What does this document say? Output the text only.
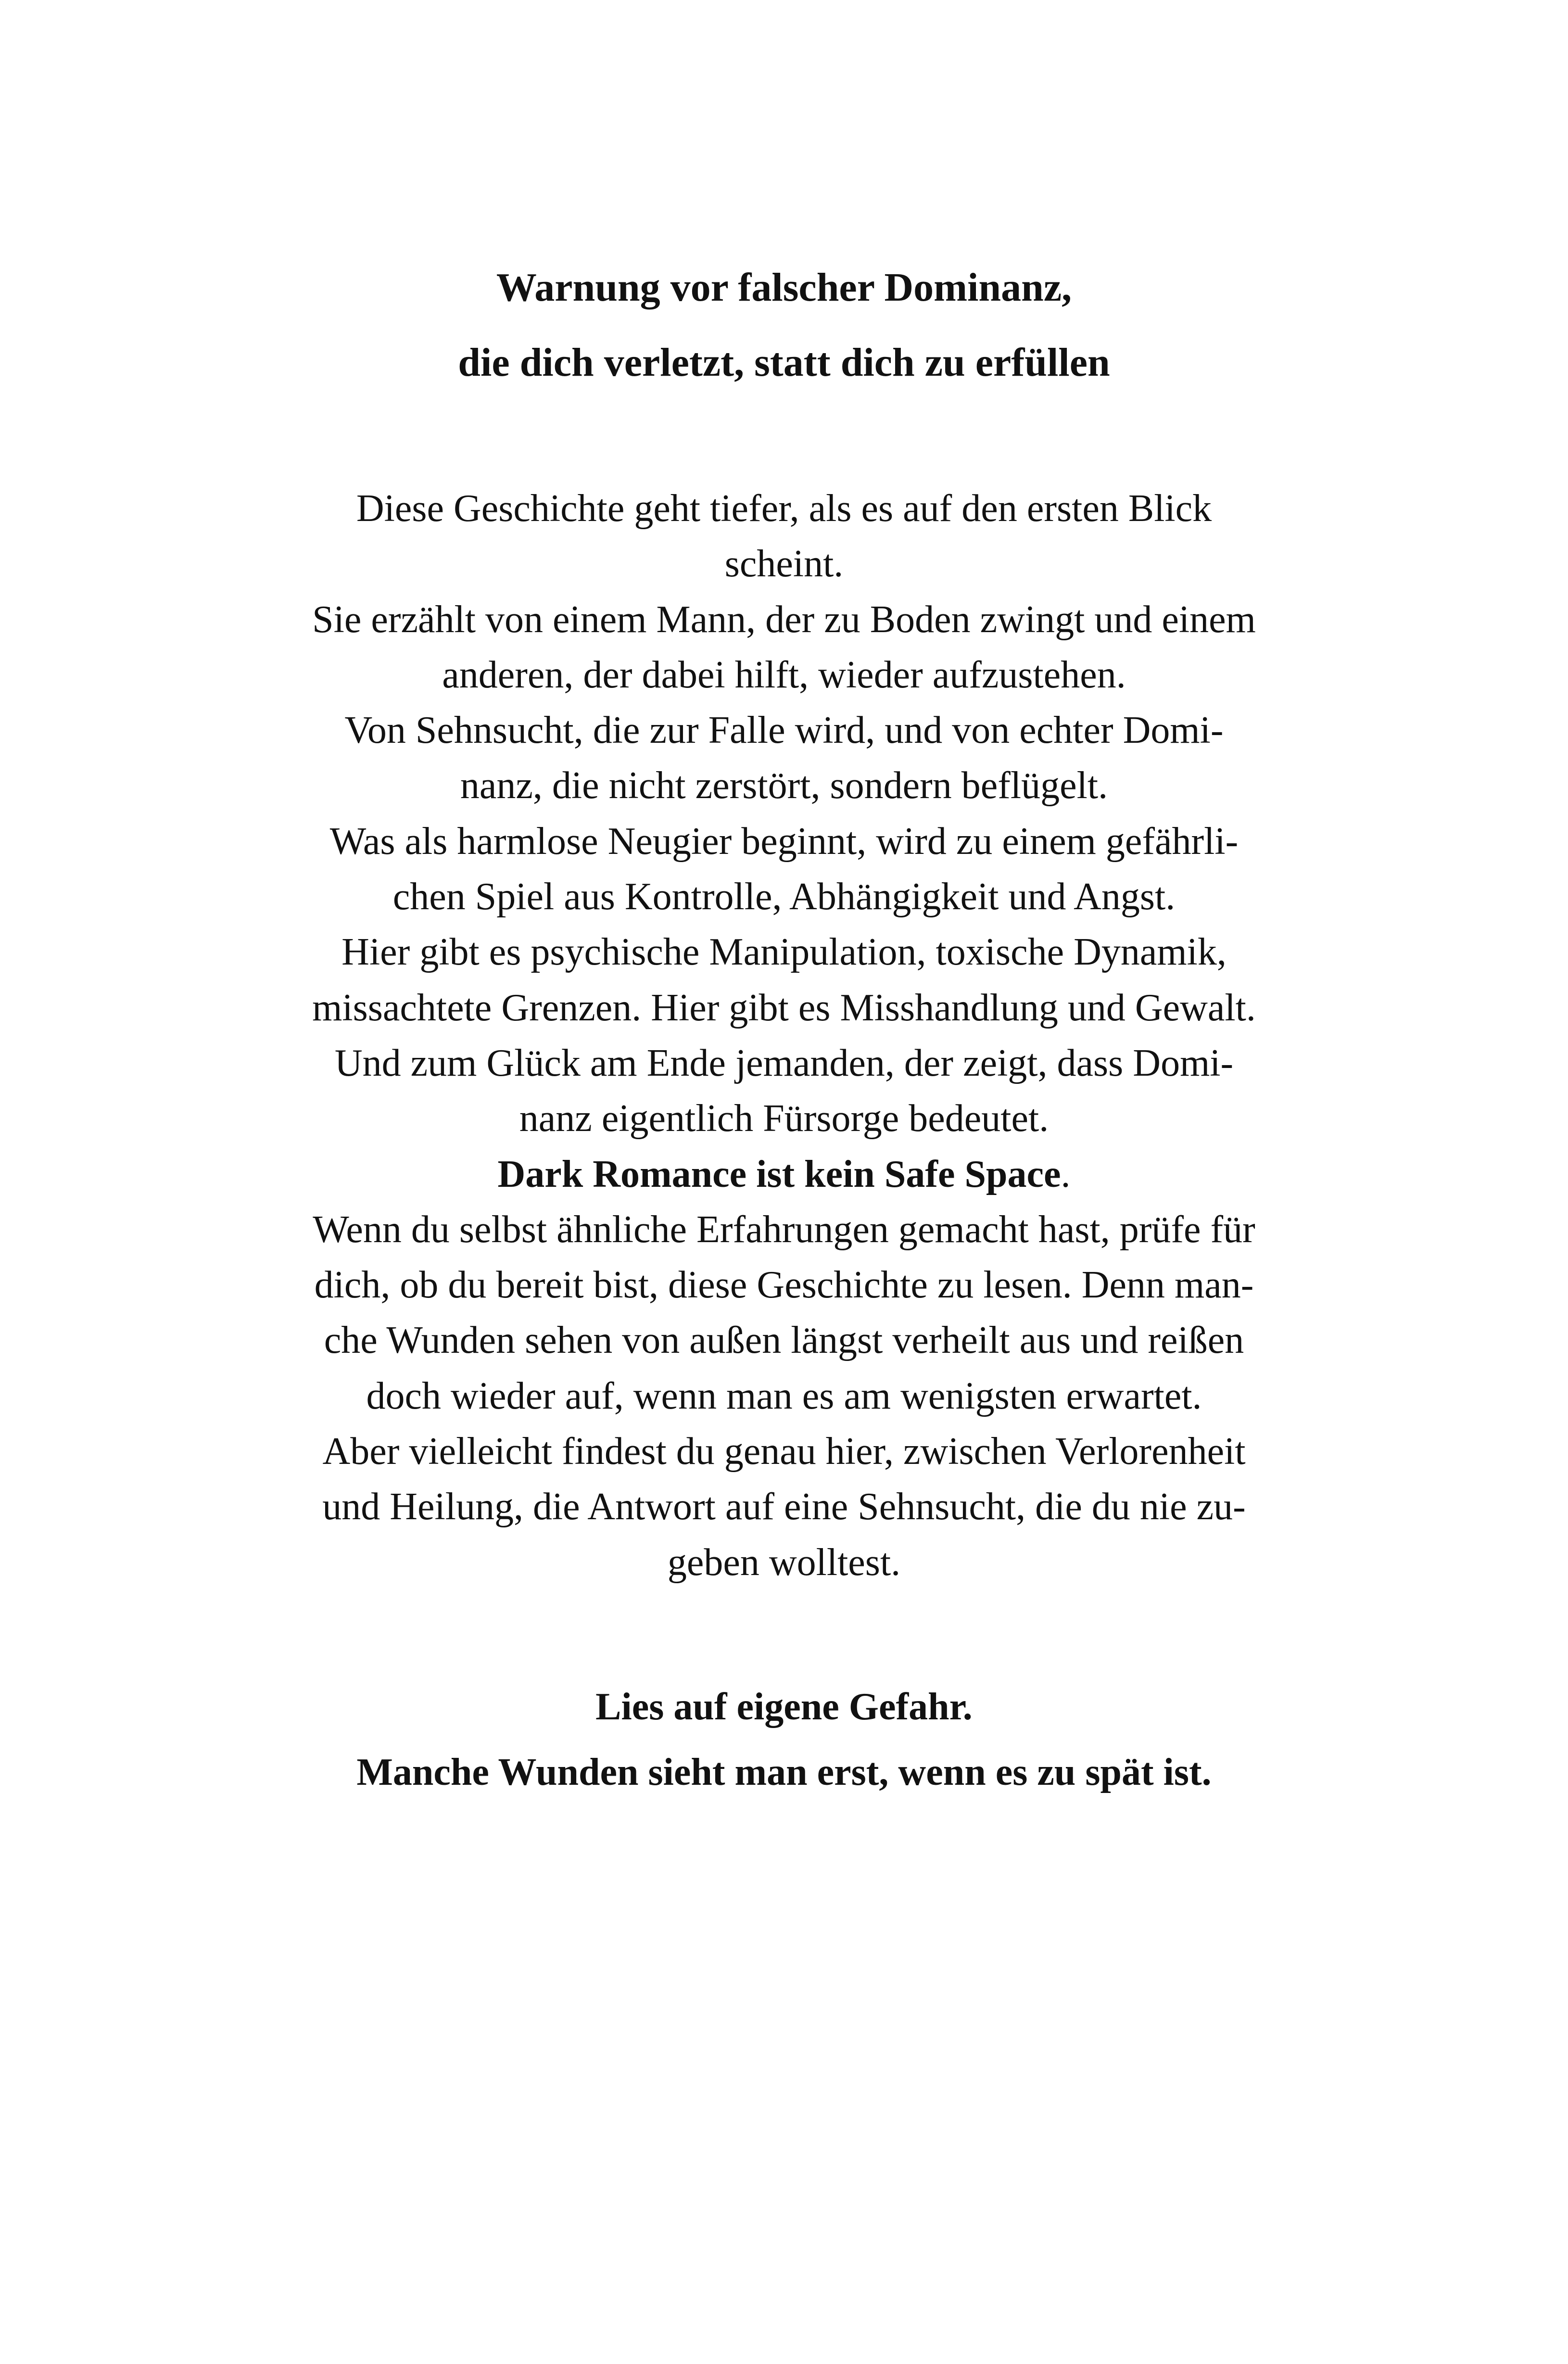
Warnung vor falscher Dominanz,
die dich verletzt, statt dich zu erfüllen
Diese Geschichte geht tiefer, als es auf den ersten Blick
scheint.
Sie erzählt von einem Mann, der zu Boden zwingt und einem
anderen, der dabei hilft, wieder aufzustehen.
Von Sehnsucht, die zur Falle wird, und von echter Domi-
nanz, die nicht zerstört, sondern beflügelt.
Was als harmlose Neugier beginnt, wird zu einem gefährli-
chen Spiel aus Kontrolle, Abhängigkeit und Angst.
Hier gibt es psychische Manipulation, toxische Dynamik,
missachtete Grenzen. Hier gibt es Misshandlung und Gewalt.
Und zum Glück am Ende jemanden, der zeigt, dass Domi-
nanz eigentlich Fürsorge bedeutet.
Dark Romance ist kein Safe Space.
Wenn du selbst ähnliche Erfahrungen gemacht hast, prüfe für
dich, ob du bereit bist, diese Geschichte zu lesen. Denn man-
che Wunden sehen von außen längst verheilt aus und reißen
doch wieder auf, wenn man es am wenigsten erwartet.
Aber vielleicht findest du genau hier, zwischen Verlorenheit
und Heilung, die Antwort auf eine Sehnsucht, die du nie zu-
geben wolltest.
Lies auf eigene Gefahr.
Manche Wunden sieht man erst, wenn es zu spät ist.
